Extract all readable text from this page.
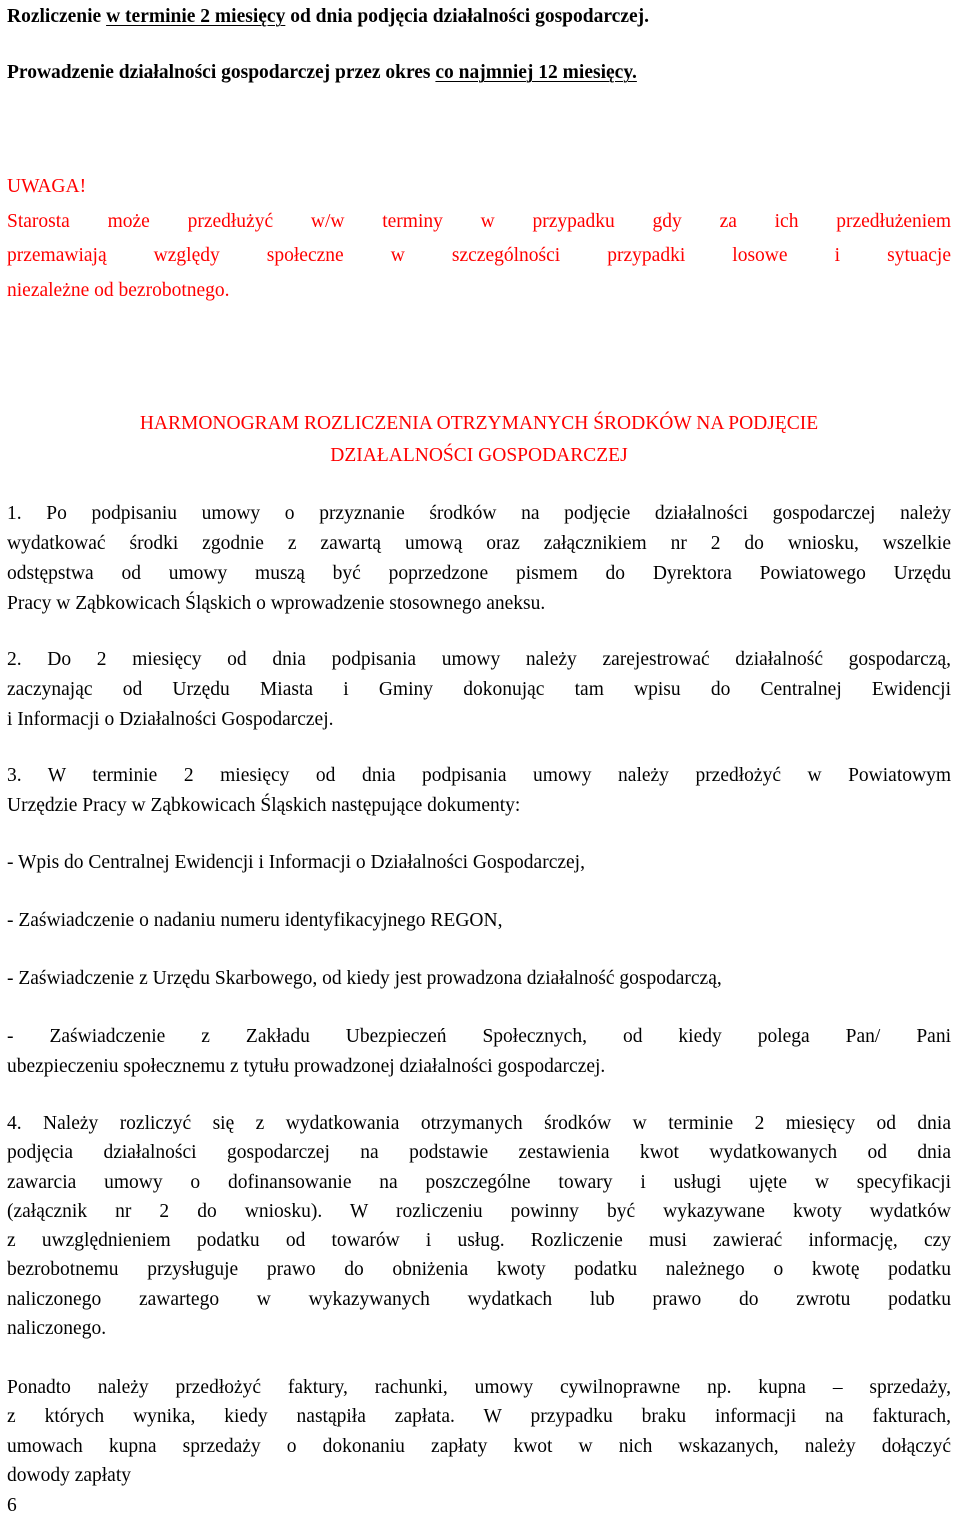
Rozliczenie w terminie 2 miesięcy od dnia podjęcia działalności gospodarczej.
Prowadzenie działalności gospodarczej przez okres co najmniej 12 miesięcy.
UWAGA!
Starosta może przedłużyć w/w terminy w przypadku gdy za ich przedłużeniem
przemawiają względy społeczne w szczególności przypadki losowe i sytuacje
niezależne od bezrobotnego.
HARMONOGRAM ROZLICZENIA OTRZYMANYCH ŚRODKÓW NA PODJĘCIE
DZIAŁALNOŚCI GOSPODARCZEJ
1. Po podpisaniu umowy o przyznanie środków na podjęcie działalności gospodarczej należy
wydatkować środki zgodnie z zawartą umową oraz załącznikiem nr 2 do wniosku, wszelkie
odstępstwa od umowy muszą być poprzedzone pismem do Dyrektora Powiatowego Urzędu
Pracy w Ząbkowicach Śląskich o wprowadzenie stosownego aneksu.
2. Do 2 miesięcy od dnia podpisania umowy należy zarejestrować działalność gospodarczą,
zaczynając od Urzędu Miasta i Gminy dokonując tam wpisu do Centralnej Ewidencji
i Informacji o Działalności Gospodarczej.
3. W terminie 2 miesięcy od dnia podpisania umowy należy przedłożyć w Powiatowym
Urzędzie Pracy w Ząbkowicach Śląskich następujące dokumenty:
- Wpis do Centralnej Ewidencji i Informacji o Działalności Gospodarczej,
- Zaświadczenie o nadaniu numeru identyfikacyjnego REGON,
- Zaświadczenie z Urzędu Skarbowego, od kiedy jest prowadzona działalność gospodarczą,
- Zaświadczenie z Zakładu Ubezpieczeń Społecznych, od kiedy polega Pan/ Pani
ubezpieczeniu społecznemu z tytułu prowadzonej działalności gospodarczej.
4. Należy rozliczyć się z wydatkowania otrzymanych środków w terminie 2 miesięcy od dnia
podjęcia działalności gospodarczej na podstawie zestawienia kwot wydatkowanych od dnia
zawarcia umowy o dofinansowanie na poszczególne towary i usługi ujęte w specyfikacji
(załącznik nr 2 do wniosku). W rozliczeniu powinny być wykazywane kwoty wydatków
z uwzględnieniem podatku od towarów i usług. Rozliczenie musi zawierać informację, czy
bezrobotnemu przysługuje prawo do obniżenia kwoty podatku należnego o kwotę podatku
naliczonego zawartego w wykazywanych wydatkach lub prawo do zwrotu podatku
naliczonego.
Ponadto należy przedłożyć faktury, rachunki, umowy cywilnoprawne np. kupna – sprzedaży,
z których wynika, kiedy nastąpiła zapłata. W przypadku braku informacji na fakturach,
umowach kupna sprzedaży o dokonaniu zapłaty kwot w nich wskazanych, należy dołączyć
dowody zapłaty
6
